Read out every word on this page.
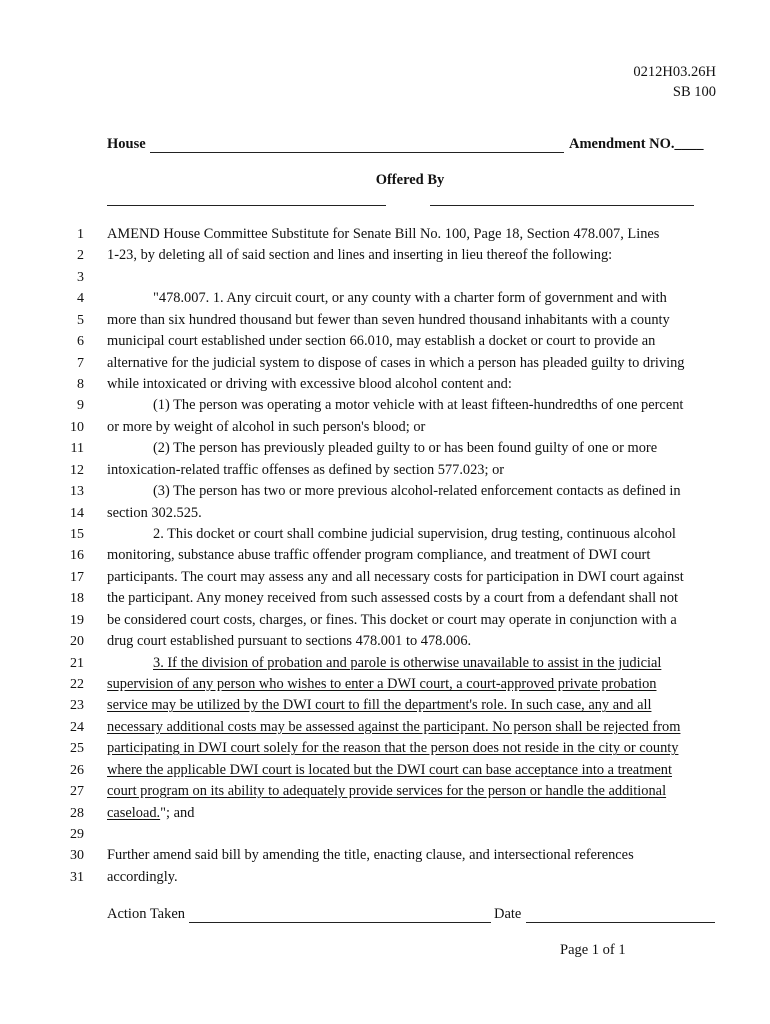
0212H03.26H
SB 100
House	Amendment NO.____
Offered By
1 AMEND House Committee Substitute for Senate Bill No. 100, Page 18, Section 478.007, Lines
2 1-23, by deleting all of said section and lines and inserting in lieu thereof the following:
3
4	"478.007. 1. Any circuit court, or any county with a charter form of government and with
5 more than six hundred thousand but fewer than seven hundred thousand inhabitants with a county
6 municipal court established under section 66.010, may establish a docket or court to provide an
7 alternative for the judicial system to dispose of cases in which a person has pleaded guilty to driving
8 while intoxicated or driving with excessive blood alcohol content and:
9	(1) The person was operating a motor vehicle with at least fifteen-hundredths of one percent
10 or more by weight of alcohol in such person's blood; or
11	(2) The person has previously pleaded guilty to or has been found guilty of one or more
12 intoxication-related traffic offenses as defined by section 577.023; or
13	(3) The person has two or more previous alcohol-related enforcement contacts as defined in
14 section 302.525.
15	2. This docket or court shall combine judicial supervision, drug testing, continuous alcohol
16 monitoring, substance abuse traffic offender program compliance, and treatment of DWI court
17 participants. The court may assess any and all necessary costs for participation in DWI court against
18 the participant. Any money received from such assessed costs by a court from a defendant shall not
19 be considered court costs, charges, or fines. This docket or court may operate in conjunction with a
20 drug court established pursuant to sections 478.001 to 478.006.
21	3. If the division of probation and parole is otherwise unavailable to assist in the judicial
22 supervision of any person who wishes to enter a DWI court, a court-approved private probation
23 service may be utilized by the DWI court to fill the department's role. In such case, any and all
24 necessary additional costs may be assessed against the participant. No person shall be rejected from
25 participating in DWI court solely for the reason that the person does not reside in the city or county
26 where the applicable DWI court is located but the DWI court can base acceptance into a treatment
27 court program on its ability to adequately provide services for the person or handle the additional
28 caseload."; and
29
30 Further amend said bill by amending the title, enacting clause, and intersectional references
31 accordingly.
Action Taken	Date
Page 1 of 1
